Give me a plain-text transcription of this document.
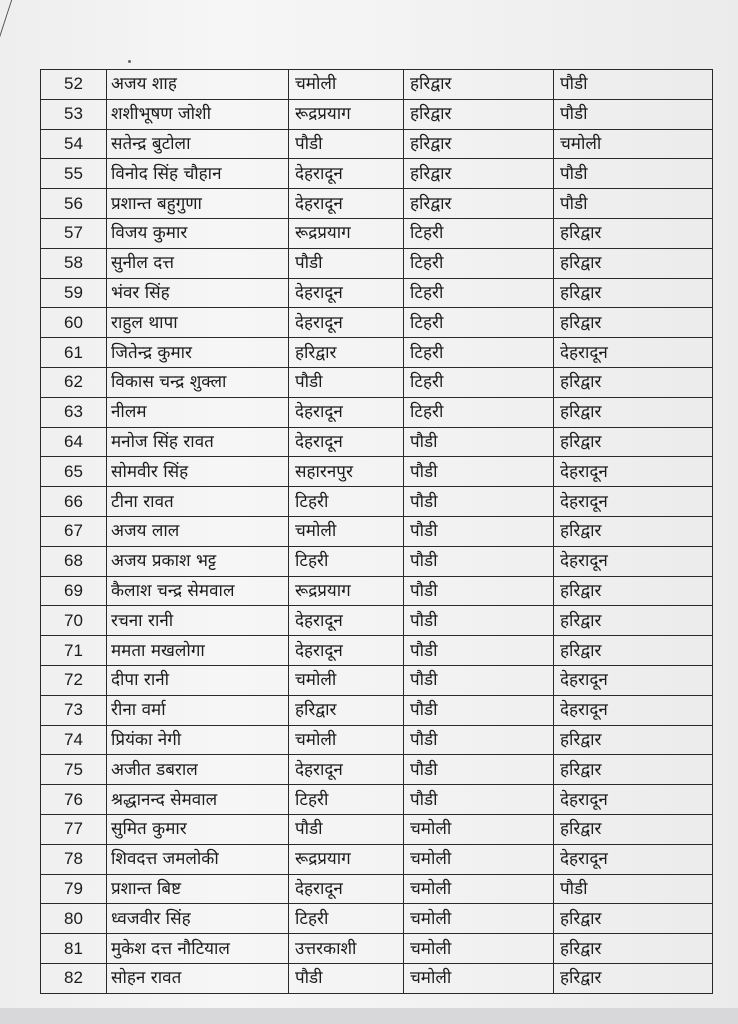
52	अजय शाह	चमोली	हरिद्वार	पौडी
53	शशीभूषण जोशी	रूद्रप्रयाग	हरिद्वार	पौडी
54	सतेन्द्र बुटोला	पौडी	हरिद्वार	चमोली
55	विनोद सिंह चौहान	देहरादून	हरिद्वार	पौडी
56	प्रशान्त बहुगुणा	देहरादून	हरिद्वार	पौडी
57	विजय कुमार	रूद्रप्रयाग	टिहरी	हरिद्वार
58	सुनील दत्त	पौडी	टिहरी	हरिद्वार
59	भंवर सिंह	देहरादून	टिहरी	हरिद्वार
60	राहुल थापा	देहरादून	टिहरी	हरिद्वार
61	जितेन्द्र कुमार	हरिद्वार	टिहरी	देहरादून
62	विकास चन्द्र शुक्ला	पौडी	टिहरी	हरिद्वार
63	नीलम	देहरादून	टिहरी	हरिद्वार
64	मनोज सिंह रावत	देहरादून	पौडी	हरिद्वार
65	सोमवीर सिंह	सहारनपुर	पौडी	देहरादून
66	टीना रावत	टिहरी	पौडी	देहरादून
67	अजय लाल	चमोली	पौडी	हरिद्वार
68	अजय प्रकाश भट्ट	टिहरी	पौडी	देहरादून
69	कैलाश चन्द्र सेमवाल	रूद्रप्रयाग	पौडी	हरिद्वार
70	रचना रानी	देहरादून	पौडी	हरिद्वार
71	ममता मखलोगा	देहरादून	पौडी	हरिद्वार
72	दीपा रानी	चमोली	पौडी	देहरादून
73	रीना वर्मा	हरिद्वार	पौडी	देहरादून
74	प्रियंका नेगी	चमोली	पौडी	हरिद्वार
75	अजीत डबराल	देहरादून	पौडी	हरिद्वार
76	श्रद्धानन्द सेमवाल	टिहरी	पौडी	देहरादून
77	सुमित कुमार	पौडी	चमोली	हरिद्वार
78	शिवदत्त जमलोकी	रूद्रप्रयाग	चमोली	देहरादून
79	प्रशान्त बिष्ट	देहरादून	चमोली	पौडी
80	ध्वजवीर सिंह	टिहरी	चमोली	हरिद्वार
81	मुकेश दत्त नौटियाल	उत्तरकाशी	चमोली	हरिद्वार
82	सोहन रावत	पौडी	चमोली	हरिद्वार
